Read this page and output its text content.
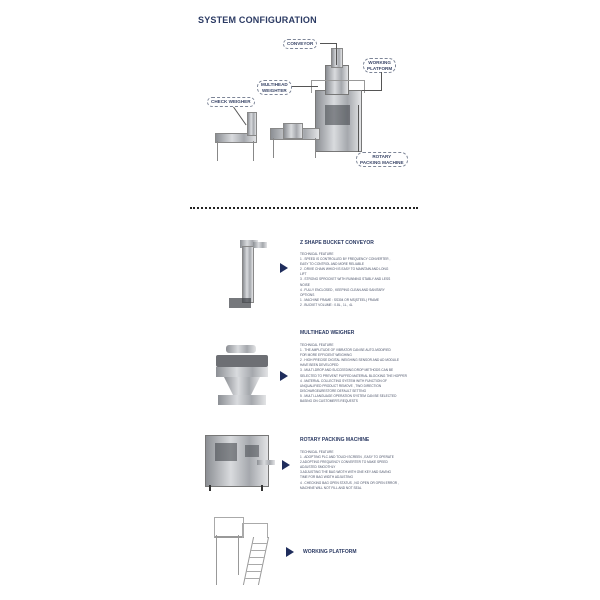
SYSTEM CONFIGURATION
CONVEYOR
WORKING
PLATFORM
MULTIHEAD
WEIGHTER
CHECK WEIGHER
ROTARY
PACKING MACHINE
Z SHAPE BUCKET CONVEYOR
TECHNICAL FEATURE
1 . SPEED IS CONTROLLED BY FREQUENCY CONVERTER ,
EASY TO CONTROL AND MORE RELIABLE
2 . DRIVE CHAIN WHICH IS EASY TO MAINTAIN AND LONG
LIFT
3 . STRONG SPROCKET WITH RUNNING STABLY AND LESS
NOISE
4 . FULLY ENCLOSED , KEEPING CLEAN AND SANITARY
OPTIONS
1 . MACHINE FRAME : SS304 OR MS(STEEL) FRAME
2 . BUCKET VOLUME : 0.8L , 1L , 4L
MULTIHEAD WEIGHER
TECHNICAL FEATURE
1 . THE AMPLITUDE OF VIBRATOR CAN BE AUTO-MODIFIED
FOR MORE EFFICIENT WEIGHING
2 . HIGH PRECISE DIGITAL WEIGHING SENSOR AND AD MODULE
HAVE BEEN DEVELOPED
3 . MULTI-DROP AND SUCCEEDING DROP METHODS CAN BE
SELECTED TO PREVENT PUFFED MATERIAL BLOCKING THE HOPPER
4 . MATERIAL COLLECTING SYSTEM WITH FUNCTION OF
UNQUALIFIED PRODUCT REMOVE , TWO DIRECTION
DISCHARGE&RESTORE DEFAULT SETTING
5 . MULTI-LANGUAGE OPERATION SYSTEM CAN BE SELECTED
BASING ON CUSTOMER'S REQUESTS
ROTARY PACKING MACHINE
TECHNICAL FEATURE
1 . ADOPTING PLC AND TOUCH SCREEN , EASY TO OPERATE
2.ADOPTING FREQUENCY CONVERTER TO MAKE SPEED
ADJUSTED SMOOTHLY
3.ADJUSTING THE BAG WIDTH WITH ONE KEY AND SAVING
TIME FOR BAG WIDTH ADJUSTING
4 . CHECKING BAG OPEN STATUS , NO OPEN OR OPEN ERROR ,
MACHINE WILL NOT FILL AND NOT SEAL
WORKING PLATFORM
